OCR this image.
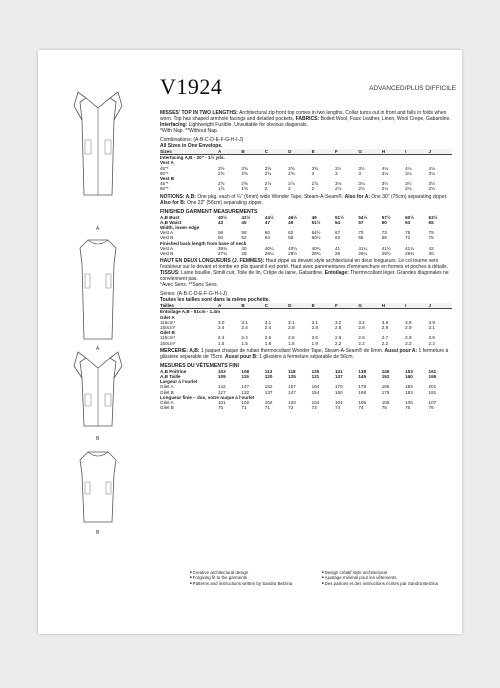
A
A
B
B
V1924	ADVANCED/PLUS DIFFICILE
MISSES' TOP IN TWO LENGTHS: Architectural zip front top comes in two lengths. Collar turns out in front and falls in folds when worn. Top has shaped armhole facings and detailed pockets. FABRICS: Boiled Wool, Faux Leather, Linen, Wool Crepe, Gabardine. Interfacing: Lightweight Fusible. Unsuitable for obvious diagonals.
*With Nap. **Without Nap.
Combinations: (A-B-C-D-E-F-G-H-I-J)
All Sizes in One Envelope.
Sizes	A	B	C	D	E	F	G	H	I	J
Interfacing A,B - 20" - 1½ yds.										
Vest A										
45"*	3⅝	3⅝	3⅝	3⅝	3⅝	3½	3½	4⅛	4⅛	4⅛
60"*	2⅝	2⅝	2⅝	2⅝	3	3	3	3⅛	3⅛	3⅛
Vest B										
45"*	2⅝	2⅝	2⅞	2⅞	2⅞	3⅛	3⅛	3½	3½	3½
60"*	1⅝	1⅝	2	2	2	2⅛	2⅛	2⅛	2⅛	2⅛
NOTIONS: A,B: One pkg. each of ¼" (6mm) wide Wonder Tape, Steam-A-Seam®. Also for A: One 30" (75cm) separating zipper. Also for B: One 22" (56cm) separating zipper.
FINISHED GARMENT MEASUREMENTS
A,B Bust	40½	42½	44½	46½	49	51½	54½	57½	60½	63½
A,B Waist	43	45	47	49	51½	54	57	60	63	65
Width, lower edge										
Vest A	56	58	60	62	64½	67	70	73	76	79
Vest B	50	52	54	58	60½	63	66	69	72	75
Finished back length from base of neck										
Vest A	39¾	40	40¼	40½	40¾	41	41¼	41½	41¾	42
Vest B	27¾	28	28¼	28½	28¾	29	29¼	29½	29¾	30
HAUT EN DEUX LONGUEURS (J. FEMMES): Haut zippé au devant style architectural en deux longueurs. Le col tourne vers l'extérieur sur le devant et tombe en plis quand il est porté. Haut avec parementures d'emmanchure en formes et poches à détails. TISSUS: Laine bouillie, Simili cuir, Toile de lin, Crêpe de laine, Gabardine. Entoilage: Thermocollant léger. Grandes diagonales ne conviennent pas.
*Avec Sens. **Sans Sens.
Séries: (A-B-C-D-E-F-G-H-I-J)
Toutes les tailles sont dans la même pochette.
Tailles	A	B	C	D	E	F	G	H	I	J
Entoilage A,B - 51cm - 1.4m										
Gilet A										
115cm*	3.0	3.1	3.1	3.1	3.1	3.2	3.2	3.8	3.8	3.9
150cm*	2.4	2.4	2.4	2.8	2.8	2.8	2.8	2.9	2.9	3.1
Gilet B										
115cm*	2.4	2.4	2.6	2.6	2.6	2.6	2.6	2.7	2.9	3.0
150cm*	1.5	1.5	1.8	1.8	1.9	2.2	2.2	2.2	2.2	2.2
MERCERIE: A,B: 1 paquet chaque de ruban thermocollant Wonder Tape, Steam-A-Seam® de 6mm. Aussi pour A: 1 fermeture à glissière séparable de 75cm. Aussi pour B: 1 glissière à fermeture séparable de 56cm.
MESURES DU VÊTEMENTS FINI
A,B Poitrine	103	108	113	118	125	131	138	146	153	161
A,B Taille	109	115	120	125	131	137	145	152	160	165
Largeur à l'ourlet										
Gilet A	142	147	152	157	164	170	178	185	193	201
Gilet B	127	132	137	147	154	160	168	175	183	191
Longueur finie – dos, votre nuque à l'ourlet										
Gilet A	101	102	102	103	104	104	105	106	106	107
Gilet B	70	71	71	72	73	74	74	75	76	76
■ Creative architectural design
■ Forgiving fit to the garments
■ Patterns and instructions written by Sandra Betzina
■ Design créatif style architectural
■ Ajustage minimal pour les vêtements
■ Des patrons et des instructions écrites par Sandra Betzina
